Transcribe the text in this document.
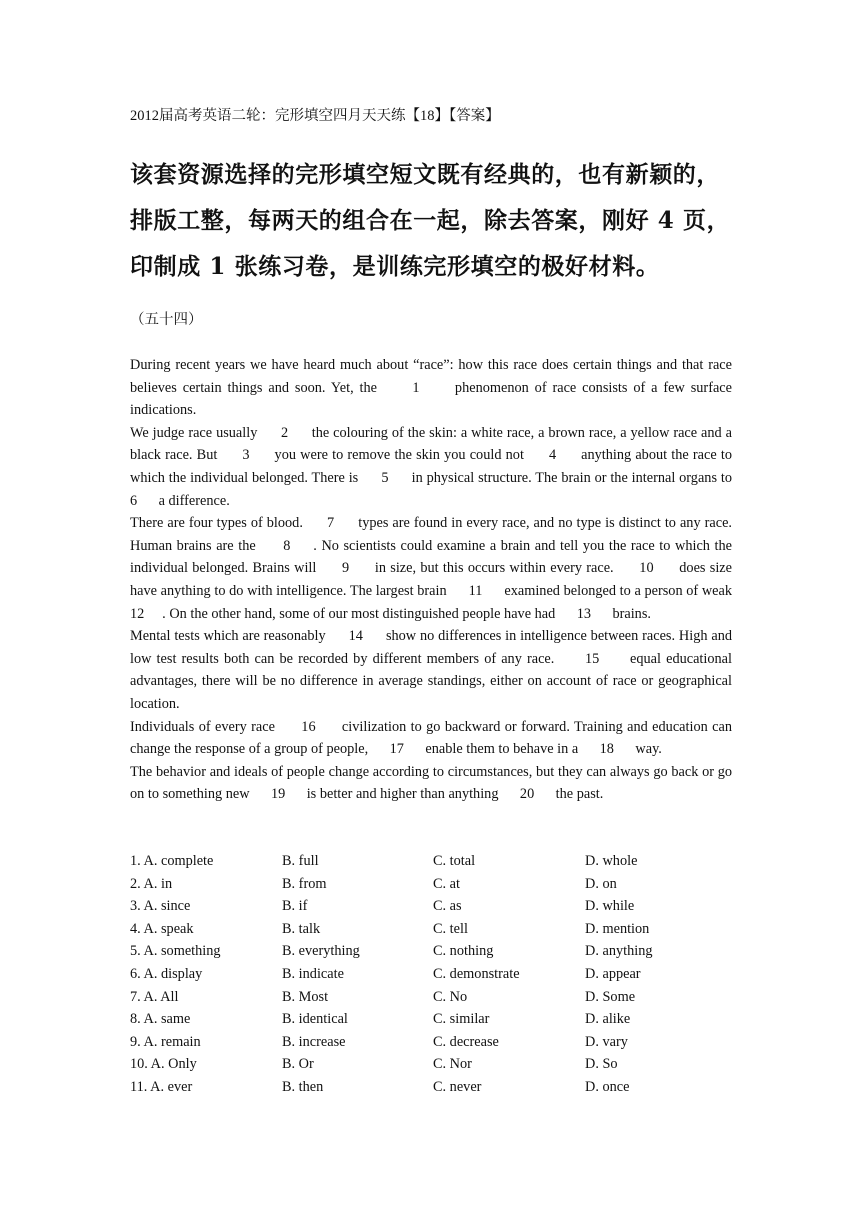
2012届高考英语二轮：完形填空四月天天练【18】【答案】
该套资源选择的完形填空短文既有经典的，也有新颖的，排版工整，每两天的组合在一起，除去答案，刚好 4 页，印制成 1 张练习卷，是训练完形填空的极好材料。
（五十四）

During recent years we have heard much about “race”: how this race does certain things and that race believes certain things and soon. Yet, the      1      phenomenon of race consists of a few surface indications.

We judge race usually      2      the colouring of the skin: a white race, a brown race, a yellow race and a black race. But      3      you were to remove the skin you could not      4      anything about the race to which the individual belonged. There is      5      in physical structure. The brain or the internal organs to      6      a difference.

There are four types of blood.      7      types are found in every race, and no type is distinct to any race. Human brains are the      8     . No scientists could examine a brain and tell you the race to which the individual belonged. Brains will      9      in size, but this occurs within every race.      10      does size have anything to do with intelligence. The largest brain      11      examined belonged to a person of weak      12     . On the other hand, some of our most distinguished people have had      13      brains.

Mental tests which are reasonably      14      show no differences in intelligence between races. High and low test results both can be recorded by different members of any race.      15      equal educational advantages, there will be no difference in average standings, either on account of race or geographical location.

Individuals of every race      16      civilization to go backward or forward. Training and education can change the response of a group of people,      17      enable them to behave in a      18      way.

The behavior and ideals of people change according to circumstances, but they can always go back or go on to something new      19      is better and higher than anything      20      the past.

1. A. complete	B. full	C. total	D. whole
2. A. in	B. from	C. at	D. on
3. A. since	B. if	C. as	D. while
4. A. speak	B. talk	C. tell	D. mention
5. A. something	B. everything	C. nothing	D. anything
6. A. display	B. indicate	C. demonstrate	D. appear
7. A. All	B. Most	C. No	D. Some
8. A. same	B. identical	C. similar	D. alike
9. A. remain	B. increase	C. decrease	D. vary
10. A. Only	B. Or	C. Nor	D. So
11. A. ever	B. then	C. never	D. once
